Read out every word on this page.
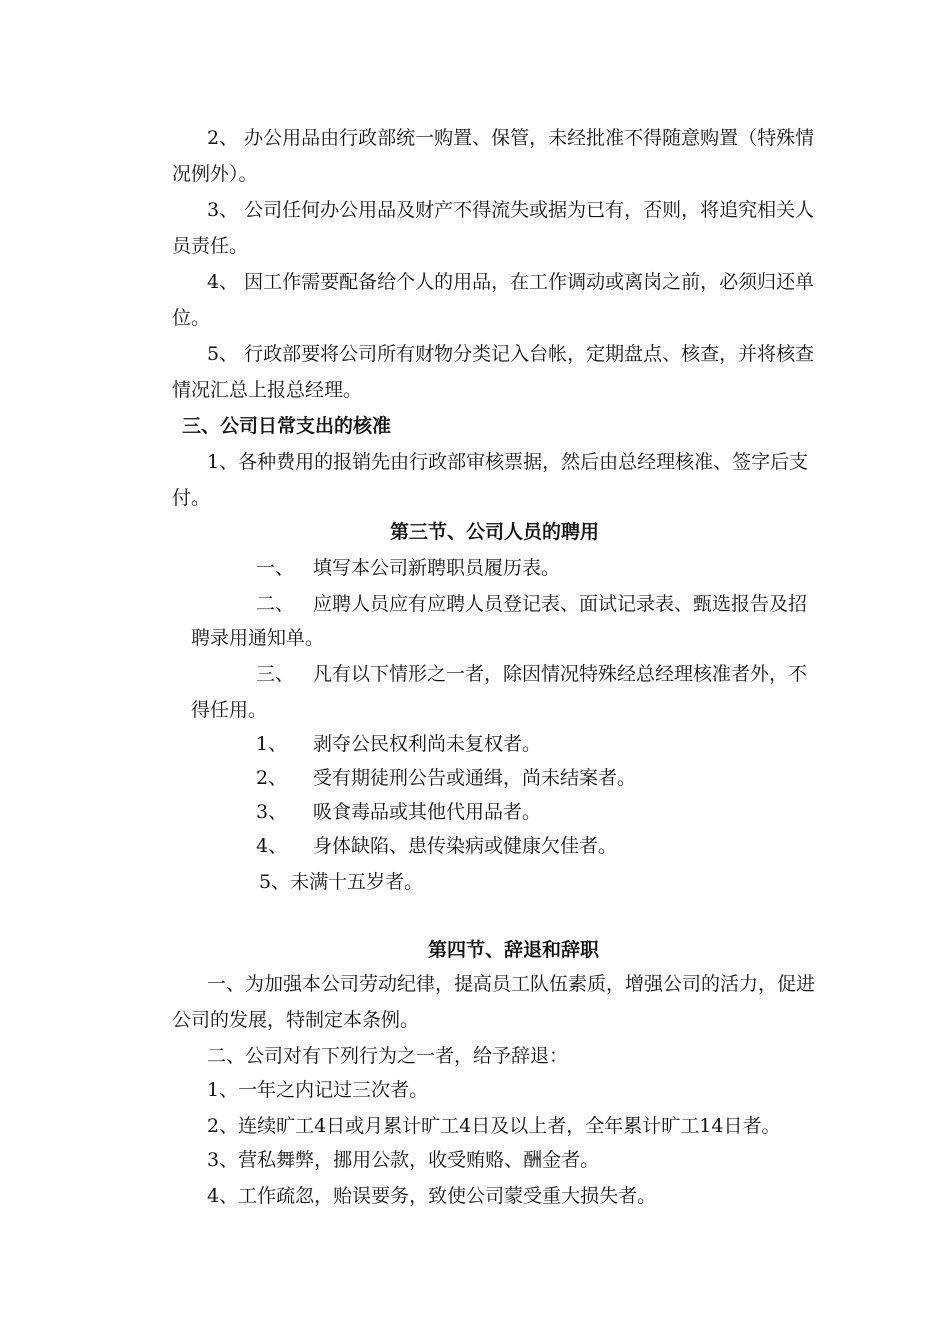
2、 办公用品由行政部统一购置、保管，未经批准不得随意购置（特殊情
况例外）。
3、 公司任何办公用品及财产不得流失或据为已有，否则，将追究相关人
员责任。
4、 因工作需要配备给个人的用品，在工作调动或离岗之前，必须归还单
位。
5、 行政部要将公司所有财物分类记入台帐，定期盘点、核查，并将核查
情况汇总上报总经理。
三、公司日常支出的核准
1、各种费用的报销先由行政部审核票据，然后由总经理核准、签字后支
付。
第三节、公司人员的聘用
一、 填写本公司新聘职员履历表。
二、 应聘人员应有应聘人员登记表、面试记录表、甄选报告及招
聘录用通知单。
三、 凡有以下情形之一者，除因情况特殊经总经理核准者外，不
得任用。
1、 剥夺公民权利尚未复权者。
2、 受有期徒刑公告或通缉，尚未结案者。
3、 吸食毒品或其他代用品者。
4、 身体缺陷、患传染病或健康欠佳者。
5、未满十五岁者。
第四节、辞退和辞职
一、为加强本公司劳动纪律，提高员工队伍素质，增强公司的活力，促进
公司的发展，特制定本条例。
二、公司对有下列行为之一者，给予辞退：
1、一年之内记过三次者。
2、连续旷工4日或月累计旷工4日及以上者，全年累计旷工14日者。
3、营私舞弊，挪用公款，收受贿赂、酬金者。
4、工作疏忽，贻误要务，致使公司蒙受重大损失者。
